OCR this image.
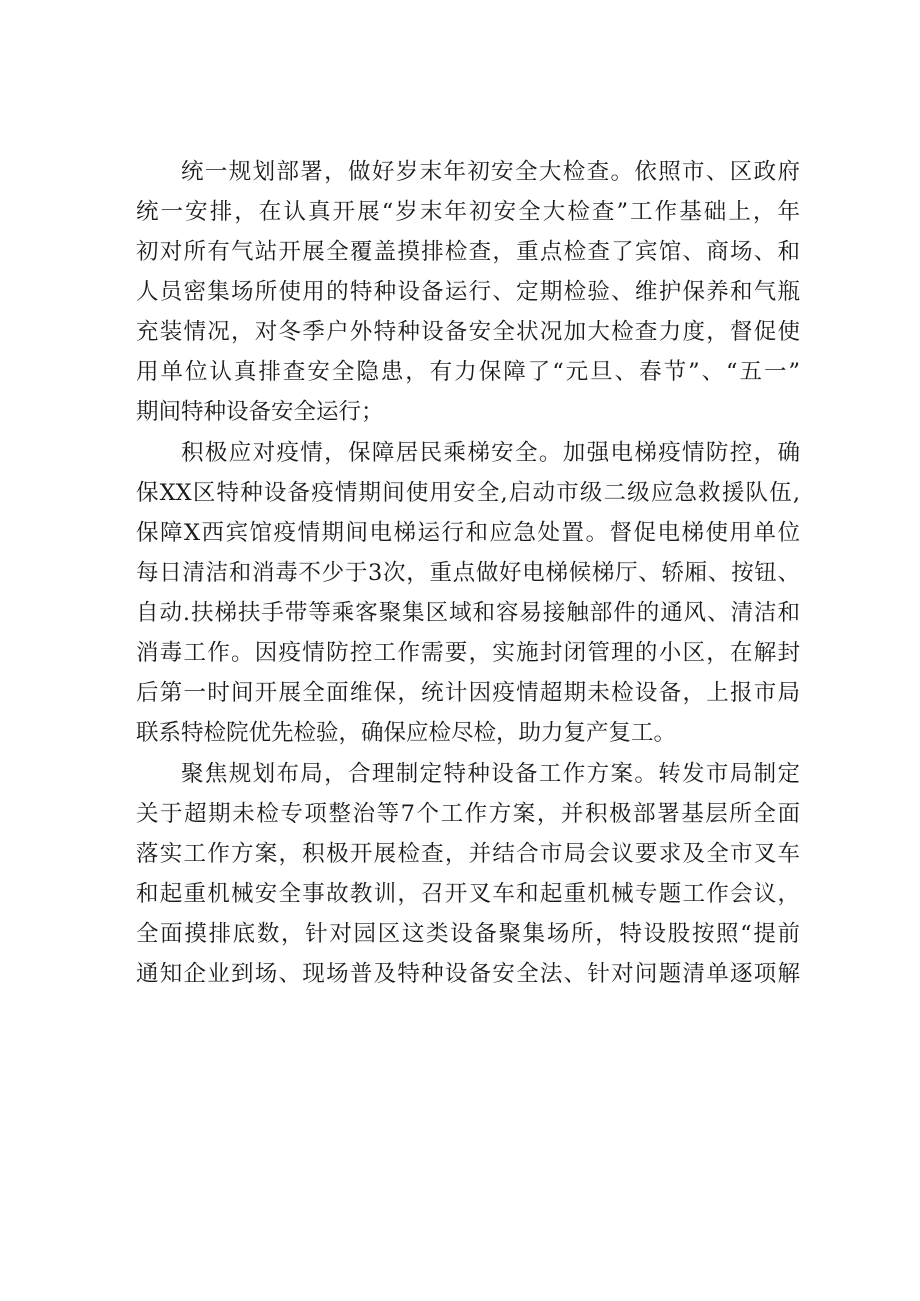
统一规划部署，做好岁末年初安全大检查。依照市、区政府
统一安排，在认真开展“岁末年初安全大检查”工作基础上，年
初对所有气站开展全覆盖摸排检查，重点检查了宾馆、商场、和
人员密集场所使用的特种设备运行、定期检验、维护保养和气瓶
充装情况，对冬季户外特种设备安全状况加大检查力度，督促使
用单位认真排查安全隐患，有力保障了“元旦、春节”、“五一”
期间特种设备安全运行；
积极应对疫情，保障居民乘梯安全。加强电梯疫情防控，确
保XX区特种设备疫情期间使用安全,启动市级二级应急救援队伍,
保障X西宾馆疫情期间电梯运行和应急处置。督促电梯使用单位
每日清洁和消毒不少于3次，重点做好电梯候梯厅、轿厢、按钮、
自动.扶梯扶手带等乘客聚集区域和容易接触部件的通风、清洁和
消毒工作。因疫情防控工作需要，实施封闭管理的小区，在解封
后第一时间开展全面维保，统计因疫情超期未检设备，上报市局
联系特检院优先检验，确保应检尽检，助力复产复工。
聚焦规划布局，合理制定特种设备工作方案。转发市局制定
关于超期未检专项整治等7个工作方案，并积极部署基层所全面
落实工作方案，积极开展检查，并结合市局会议要求及全市叉车
和起重机械安全事故教训，召开叉车和起重机械专题工作会议，
全面摸排底数，针对园区这类设备聚集场所，特设股按照“提前
通知企业到场、现场普及特种设备安全法、针对问题清单逐项解
